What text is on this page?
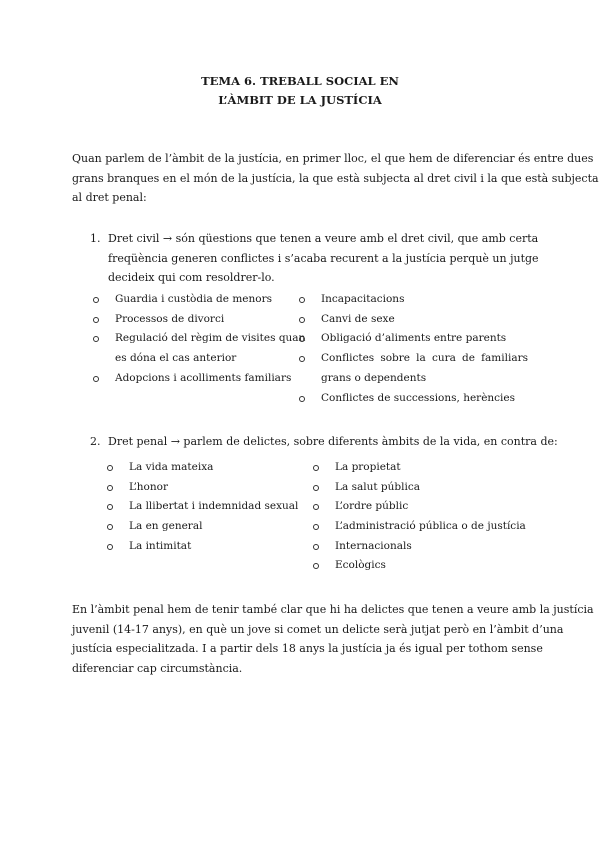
TEMA 6. TREBALL SOCIAL EN
L’ÀMBIT DE LA JUSTÍCIA
Quan parlem de l’àmbit de la justícia, en primer lloc, el que hem de diferenciar és entre dues
grans branques en el món de la justícia, la que està subjecta al dret civil i la que està subjecta
al dret penal:
1. Dret civil → són qüestions que tenen a veure amb el dret civil, que amb certa
freqüència generen conflictes i s’acaba recurent a la justícia perquè un jutge
decideix qui com resoldrer-lo.
Guardia i custòdia de menors
Processos de divorci
Regulació del règim de visites quan
es dóna el cas anterior
Adopcions i acolliments familiars
Incapacitacions
Canvi de sexe
Obligació d’aliments entre parents
Conflictes sobre la cura de familiars
grans o dependents
Conflictes de successions, herències
2. Dret penal → parlem de delictes, sobre diferents àmbits de la vida, en contra de:
La vida mateixa
L’honor
La llibertat i indemnidad sexual
La en general
La intimitat
La propietat
La salut pública
L’ordre públic
L’administració pública o de justícia
Internacionals
Ecològics
En l’àmbit penal hem de tenir també clar que hi ha delictes que tenen a veure amb la justícia
juvenil (14-17 anys), en què un jove si comet un delicte serà jutjat però en l’àmbit d’una
justícia especialitzada. I a partir dels 18 anys la justícia ja és igual per tothom sense
diferenciar cap circumstància.
